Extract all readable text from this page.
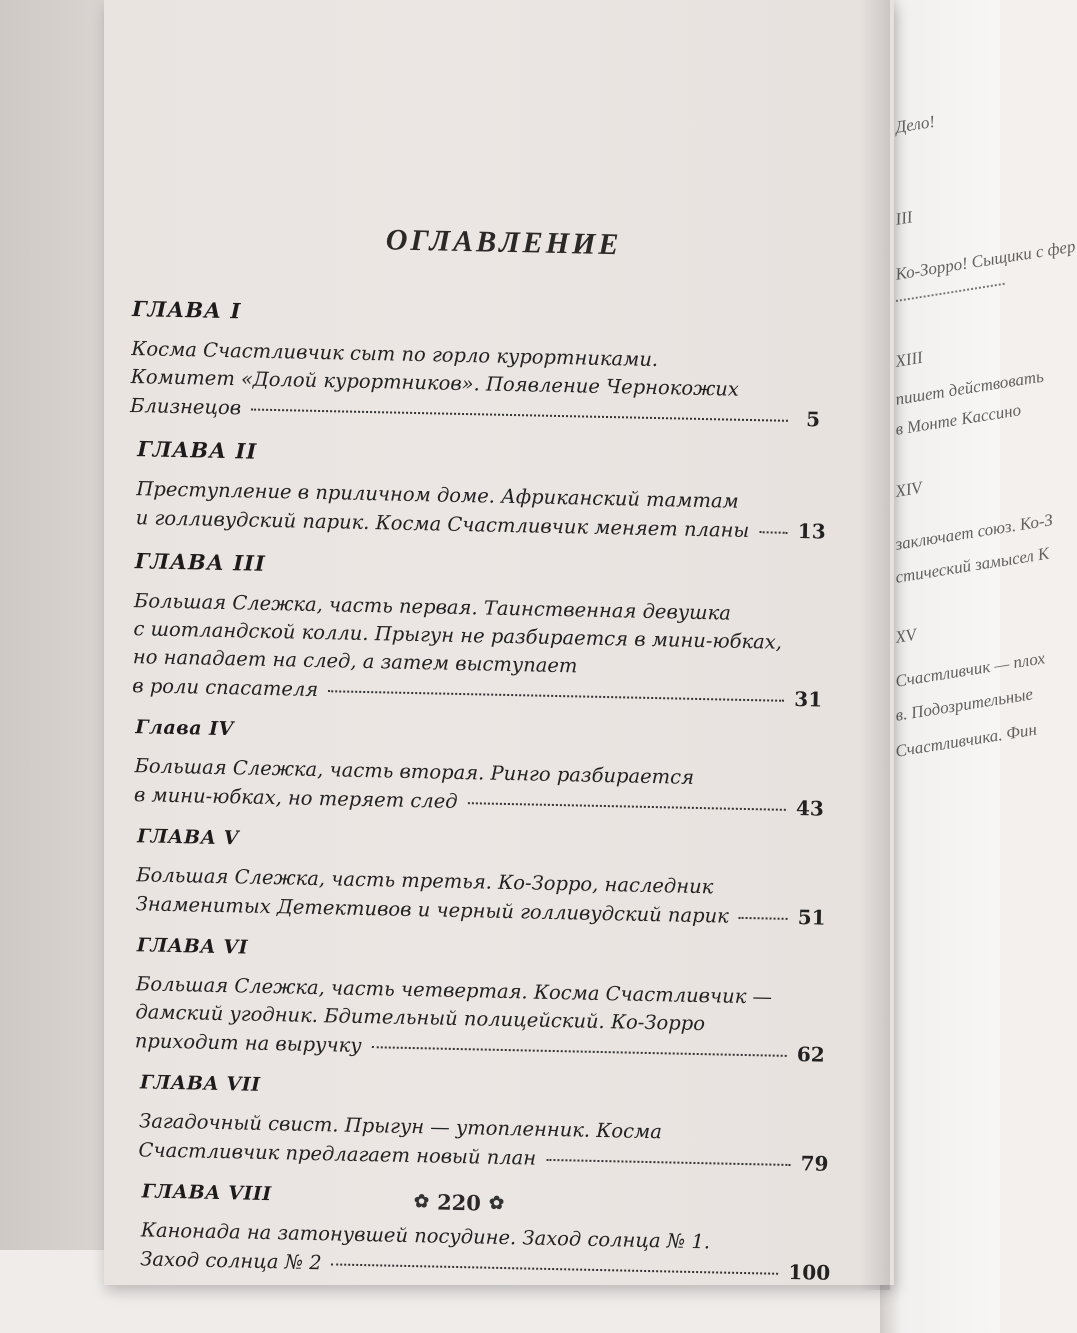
Дело!
III
Ко-Зорро! Сыщики с фер
XIII
пишет действовать
в Монте Кассино
XIV
заключает союз. Ко-З
стический замысел К
XV
Счастливчик — плох
в. Подозрительные
Счастливчика. Фин
ОГЛАВЛЕНИЕ
ГЛАВА I
Косма Счастливчик сыт по горло курортниками.
Комитет «Долой курортников». Появление Чернокожих
Близнецов	5
ГЛАВА II
Преступление в приличном доме. Африканский тамтам
и голливудский парик. Косма Счастливчик меняет планы 13
ГЛАВА III
Большая Слежка, часть первая. Таинственная девушка
с шотландской колли. Прыгун не разбирается в мини-юбках,
но нападает на след, а затем выступает
в роли спасателя	31
Глава IV
Большая Слежка, часть вторая. Ринго разбирается
в мини-юбках, но теряет след	43
ГЛАВА V
Большая Слежка, часть третья. Ко-Зорро, наследник
Знаменитых Детективов и черный голливудский парик	51
ГЛАВА VI
Большая Слежка, часть четвертая. Косма Счастливчик —
дамский угодник. Бдительный полицейский. Ко-Зорро
приходит на выручку	62
ГЛАВА VII
Загадочный свист. Прыгун — утопленник. Косма
Счастливчик предлагает новый план	79
ГЛАВА VIII
Канонада на затонувшей посудине. Заход солнца № 1.
Заход солнца № 2	100
✿ 220 ✿
